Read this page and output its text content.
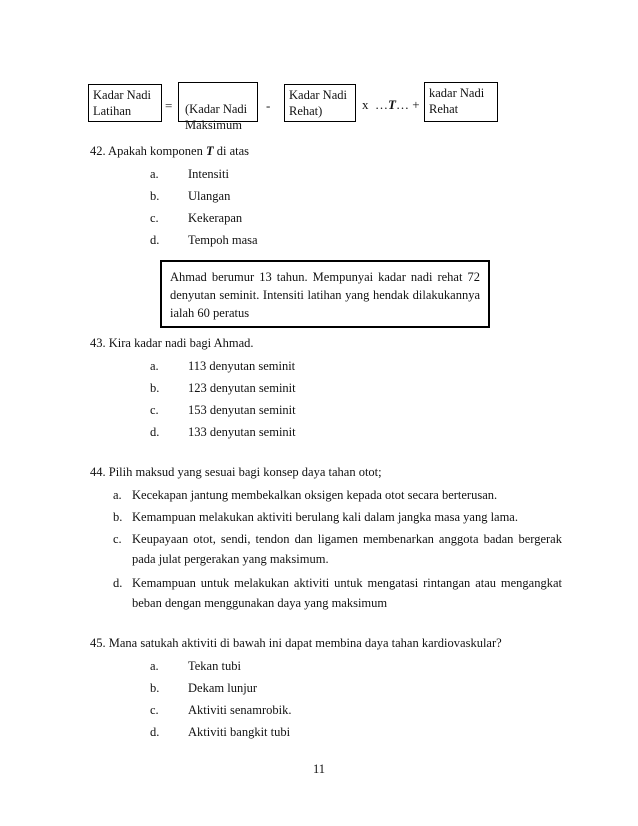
Kadar Nadi
Latihan	=	(Kadar Nadi
Maksimum

-
Kadar Nadi
Rehat)	x  …T… +
kadar Nadi
Rehat
42. Apakah komponen T di atas
a. Intensiti
b. Ulangan
c. Kekerapan
d. Tempoh masa
Ahmad berumur 13 tahun. Mempunyai kadar nadi rehat 72 denyutan seminit. Intensiti latihan yang hendak dilakukannya ialah 60 peratus
43. Kira kadar nadi bagi Ahmad.
a. 113 denyutan seminit
b. 123 denyutan seminit
c. 153 denyutan seminit
d. 133 denyutan seminit
44. Pilih maksud yang sesuai bagi konsep daya tahan otot;
a. Kecekapan jantung membekalkan oksigen kepada otot secara berterusan.
b. Kemampuan melakukan aktiviti berulang kali dalam jangka masa yang lama.
c. Keupayaan otot, sendi, tendon dan ligamen membenarkan anggota badan bergerak
pada julat pergerakan yang maksimum.
d. Kemampuan untuk melakukan aktiviti untuk mengatasi rintangan atau mengangkat
beban dengan menggunakan daya yang maksimum
45. Mana satukah aktiviti di bawah ini dapat membina daya tahan kardiovaskular?
a. Tekan tubi
b. Dekam lunjur
c. Aktiviti senamrobik.
d. Aktiviti bangkit tubi
11
